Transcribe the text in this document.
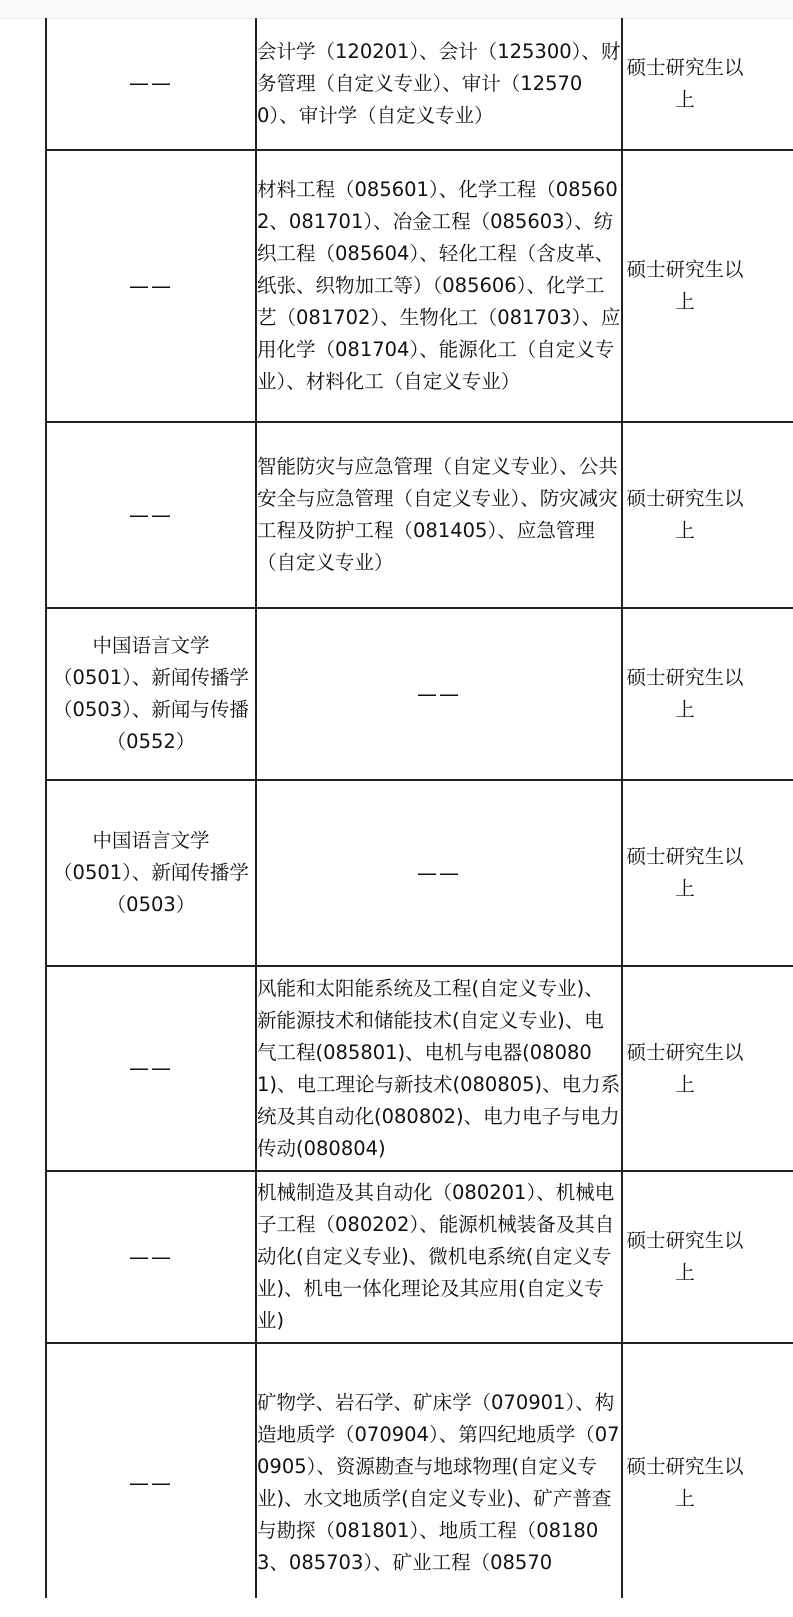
——	会计学（120201）、会计（125300）、财务管理（自定义专业）、审计（125700）、审计学（自定义专业）	硕士研究生以上

——	材料工程（085601）、化学工程（085602、081701）、冶金工程（085603）、纺织工程（085604）、轻化工程（含皮革、纸张、织物加工等）（085606）、化学工艺（081702）、生物化工（081703）、应用化学（081704）、能源化工（自定义专业）、材料化工（自定义专业）	硕士研究生以上

——	智能防灾与应急管理（自定义专业）、公共安全与应急管理（自定义专业）、防灾减灾工程及防护工程（081405）、应急管理（自定义专业）	硕士研究生以上

中国语言文学（0501）、新闻传播学（0503）、新闻与传播（0552）	——	硕士研究生以上

中国语言文学（0501）、新闻传播学（0503）	——	硕士研究生以上

——	风能和太阳能系统及工程(自定义专业)、新能源技术和储能技术(自定义专业)、电气工程(085801)、电机与电器(080801)、电工理论与新技术(080805)、电力系统及其自动化(080802)、电力电子与电力传动(080804)	硕士研究生以上

——	机械制造及其自动化（080201）、机械电子工程（080202）、能源机械装备及其自动化(自定义专业)、微机电系统(自定义专业)、机电一体化理论及其应用(自定义专业)	硕士研究生以上

——	矿物学、岩石学、矿床学（070901）、构造地质学（070904）、第四纪地质学（070905）、资源勘查与地球物理(自定义专业)、水文地质学(自定义专业)、矿产普查与勘探（081801）、地质工程（081803、085703）、矿业工程（08570	硕士研究生以上
